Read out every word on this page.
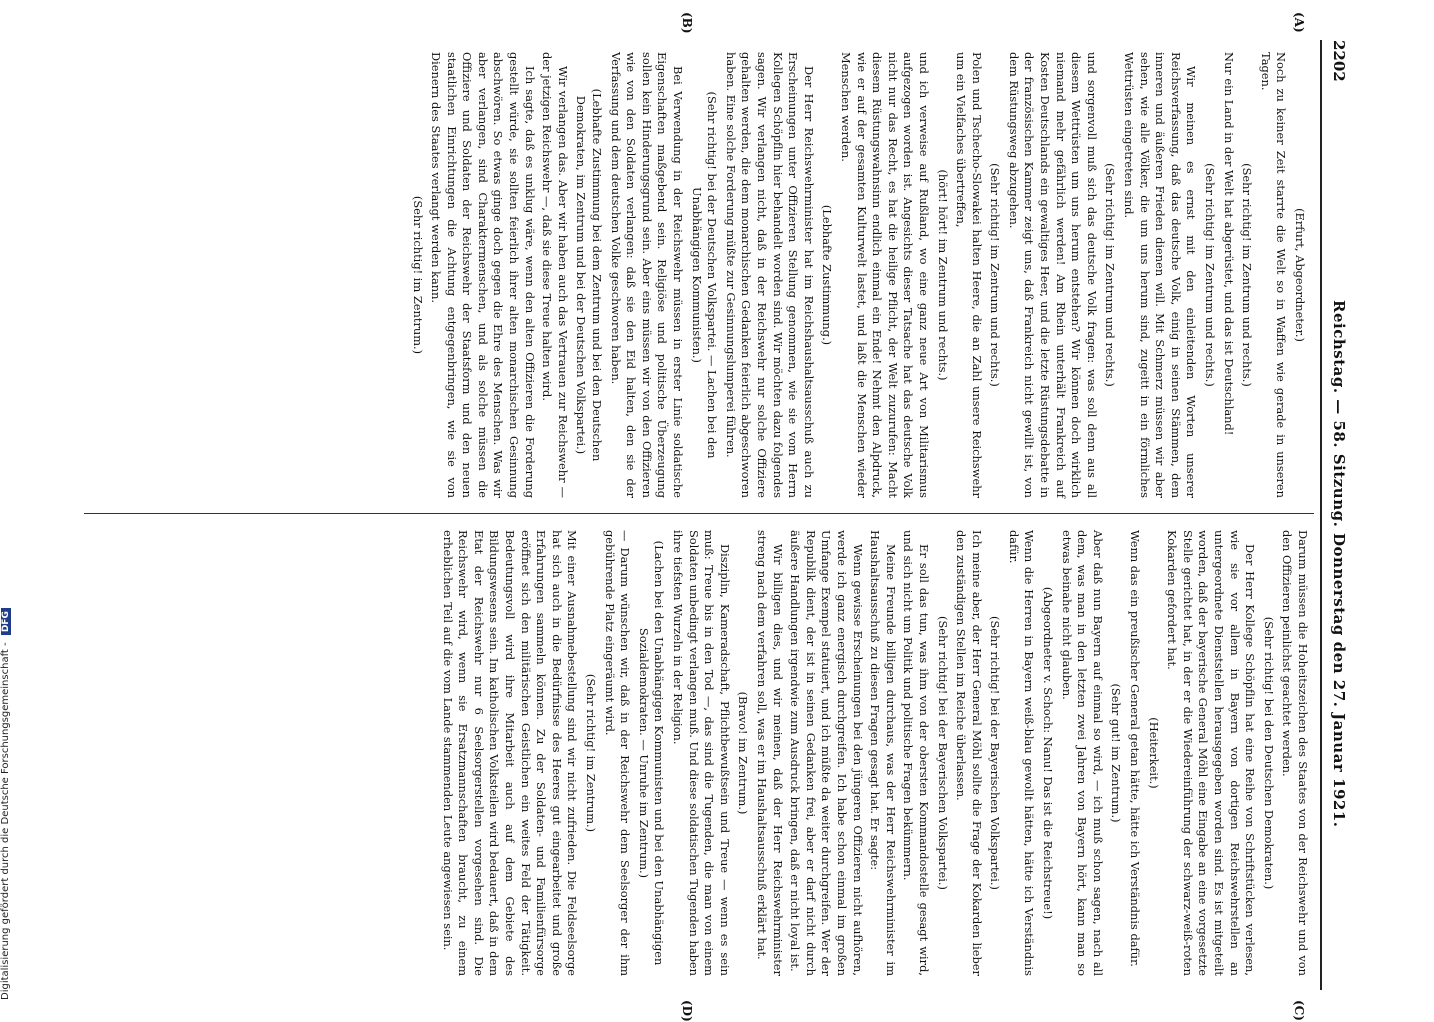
2202
Reichstag. — 58. Sitzung. Donnerstag den 27. Januar 1921.
(A)
(B)
(C)
(D)

(Erfurt, Abgeordneter.)

Noch zu keiner Zeit starrte die Welt so in Waffen wie gerade in unseren Tagen.

(Sehr richtig! im Zentrum und rechts.)

Nur ein Land in der Welt hat abgerüstet, und das ist Deutschland!

(Sehr richtig! im Zentrum und rechts.)

Wir meinen es ernst mit den einleitenden Worten unserer Reichsverfassung, daß das deutsche Volk, einig in seinen Stämmen, dem inneren und äußeren Frieden dienen will. Mit Schmerz müssen wir aber sehen, wie alle Völker, die um uns herum sind, zugeitt in ein förmliches Wettrüsten eingetreten sind.

(Sehr richtig! im Zentrum und rechts.)

und sorgenvoll muß sich das deutsche Volk fragen: was soll denn aus all diesem Wettrüsten um uns herum entstehen? Wir können doch wirklich niemand mehr gefährlich werden! Am Rhein unterhält Frankreich auf Kosten Deutschlands ein gewaltiges Heer, und die letzte Rüstungsdebatte in der französischen Kammer zeigt uns, daß Frankreich nicht gewillt ist, von dem Rüstungsweg abzugehen.

(Sehr richtig! im Zentrum und rechts.)

Polen und Tschecho-Slowakei halten Heere, die an Zahl unsere Reichswehr um ein Vielfaches übertreffen,

(hört! hört! im Zentrum und rechts.)

und ich verweise auf Rußland, wo eine ganz neue Art von Militarismus aufgezogen worden ist. Angesichts dieser Tatsache hat das deutsche Volk nicht nur das Recht, es hat die heilige Pflicht, der Welt zuzurufen: Macht diesem Rüstungswahnsinn endlich einmal ein Ende! Nehmt den Alpdruck, wie er auf der gesamten Kulturwelt lastet, und laßt die Menschen wieder Menschen werden.

(Lebhafte Zustimmung.)

Der Herr Reichswehrminister hat im Reichshaushaltsausschuß auch zu Erscheinungen unter Offizieren Stellung genommen, wie sie vom Herrn Kollegen Schöpflin hier behandelt worden sind. Wir möchten dazu folgendes sagen. Wir verlangen nicht, daß in der Reichswehr nur solche Offiziere gehalten werden, die dem monarchischen Gedanken feierlich abgeschworen haben. Eine solche Forderung müßte zur Gesinnungslumperei führen.

(Sehr richtig! bei der Deutschen Volkspartei. — Lachen bei den Unabhängigen Kommunisten.)

Bei Verwendung in der Reichswehr müssen in erster Linie soldatische Eigenschaften maßgebend sein. Religiöse und politische Überzeugung sollen kein Hinderungsgrund sein. Aber eins müssen wir von den Offizieren wie von den Soldaten verlangen: daß sie den Eid halten, den sie der Verfassung und dem deutschen Volke geschworen haben.

(Lebhafte Zustimmung bei dem Zentrum und bei den Deutschen Demokraten, im Zentrum und bei der Deutschen Volkspartei.)

Wir verlangen das. Aber wir haben auch das Vertrauen zur Reichswehr — der jetzigen Reichswehr —, daß sie diese Treue halten wird.

Ich sagte, daß es unklug wäre, wenn den alten Offizieren die Forderung gestellt würde, sie sollten feierlich ihrer alten monarchischen Gesinnung abschwören. So etwas ginge doch gegen die Ehre des Menschen. Was wir aber verlangen, sind Charaktermenschen, und als solche müssen die Offiziere und Soldaten der Reichswehr der Staatsform und den neuen staatlichen Einrichtungen die Achtung entgegenbringen, wie sie von Dienern des Staates verlangt werden kann.

(Sehr richtig! im Zentrum.)

Darum müssen die Hoheitszeichen des Staates von der Reichswehr und von den Offizieren peinlichst geachtet werden.

(Sehr richtig! bei den Deutschen Demokraten.)

Der Herr Kollege Schöpflin hat eine Reihe von Schriftstücken verlesen, wie sie vor allem in Bayern von dortigen Reichswehrstellen an untergeordnete Dienststellen herausgegeben worden sind. Es ist mitgeteilt worden, daß der bayerische General Möhl eine Eingabe an eine vorgesetzte Stelle gerichtet hat, in der er die Wiedereinführung der schwarz-weiß-roten Kokarden gefordert hat.

(Heiterkeit.)

Wenn das ein preußischer General getan hätte, hätte ich Verständnis dafür.

(Sehr gut! im Zentrum.)

Aber daß nun Bayern auf einmal so wird, — ich muß schon sagen, nach all dem, was man in den letzten zwei Jahren von Bayern hört, kann man so etwas beinahe nicht glauben.

(Abgeordneter v. Schoch: Nanu! Das ist die Reichstreue!)

Wenn die Herren in Bayern weiß-blau gewollt hätten, hätte ich Verständnis dafür.

(Sehr richtig! bei der Bayerischen Volkspartei.)

Ich meine aber, der Herr General Möhl sollte die Frage der Kokarden lieber den zuständigen Stellen im Reiche überlassen.

(Sehr richtig! bei der Bayerischen Volkspartei.)

Er soll das tun, was ihm von der obersten Kommandostelle gesagt wird, und sich nicht um Politik und politische Fragen bekümmern.

Meine Freunde billigen durchaus, was der Herr Reichswehrminister im Haushaltsausschuß zu diesen Fragen gesagt hat. Er sagte:

Wenn gewisse Erscheinungen bei den jüngeren Offizieren nicht aufhören, werde ich ganz energisch durchgreifen. Ich habe schon einmal im großen Umfange Exempel statuiert, und ich müßte da weiter durchgreifen. Wer der Republik dient, der ist in seinen Gedanken frei, aber er darf nicht durch äußere Handlungen irgendwie zum Ausdruck bringen, daß er nicht loyal ist.

Wir billigen dies, und wir meinen, daß der Herr Reichswehrminister streng nach dem verfahren soll, was er im Haushaltsausschuß erklärt hat.

(Bravo! im Zentrum.)

Disziplin, Kameradschaft, Pflichtbewußtsein und Treue — wenn es sein muß: Treue bis in den Tod —, das sind die Tugenden, die man von einem Soldaten unbedingt verlangen muß. Und diese soldatischen Tugenden haben ihre tiefsten Wurzeln in der Religion.

(Lachen bei den Unabhängigen Kommunisten und bei den Unabhängigen Sozialdemokraten. — Unruhe im Zentrum.)

— Darum wünschen wir, daß in der Reichswehr dem Seelsorger der ihm gebührende Platz eingeräumt wird.

(Sehr richtig! im Zentrum.)

Mit einer Ausnahmebestellung sind wir nicht zufrieden. Die Feldseelsorge hat sich auch in die Bedürfnisse des Heeres gut eingearbeitet und große Erfahrungen sammeln können. Zu der Soldaten- und Familienfürsorge eröffnet sich den militärischen Geistlichen ein weites Feld der Tätigkeit. Bedeutungsvoll wird ihre Mitarbeit auch auf dem Gebiete des Bildungswesens sein. Im katholischen Volksteilen wird bedauert, daß in dem Etat der Reichswehr nur 6 Seelsorgerstellen vorgesehen sind. Die Reichswehr wird, wenn sie Ersatzmannschaften braucht, zu einem erheblichen Teil auf die vom Lande stammenden Leute angewiesen sein.

Digitalisierung gefördert durch die Deutsche Forschungsgemeinschaft - DFG
